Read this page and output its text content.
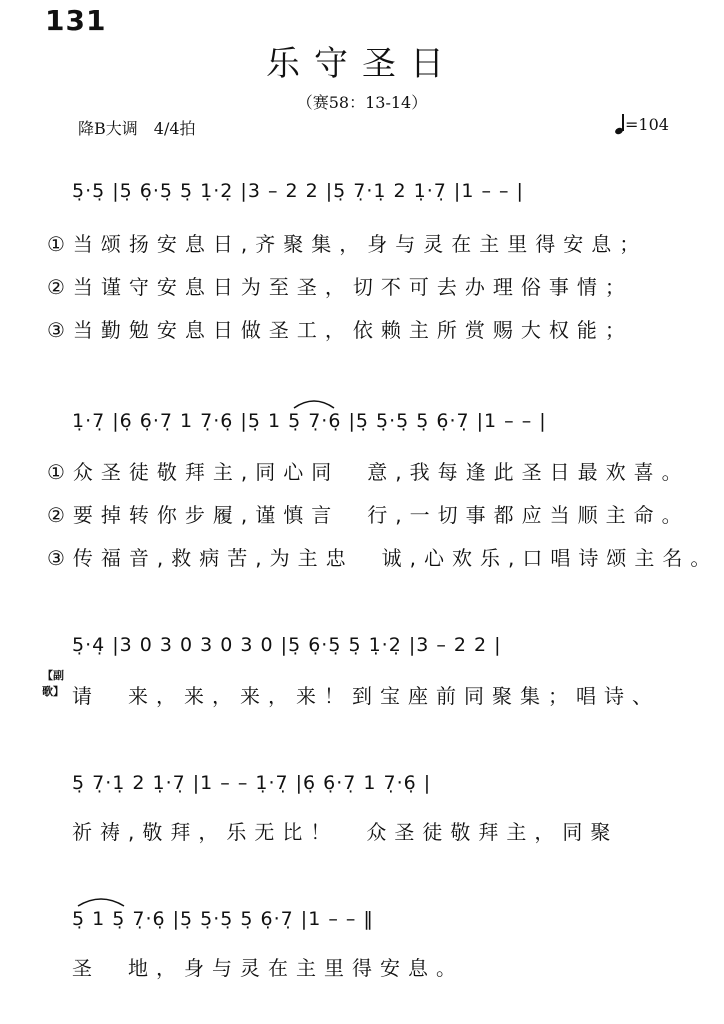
131
乐守圣日
（赛58：13-14）
降B大调　4/4拍	=104
5̣·5̣ |5̣ 6̣·5̣ 5̣ 1̣·2̣ |3 – 2 2 |5̣ 7̣·1̣ 2 1̣·7̣ |1 – – |
①当颂扬安息日,齐聚集，身与灵在主里得安息；
②当谨守安息日为至圣，切不可去办理俗事情；
③当勤勉安息日做圣工，依赖主所赏赐大权能；
1̣·7̣ |6̣ 6̣·7̣ 1 7̣·6̣ |5̣ 1 5̣ 7̣·6̣ |5̣ 5̣·5̣ 5̣ 6̣·7̣ |1 – – |
①众圣徒敬拜主,同心同　意,我每逢此圣日最欢喜。
②要掉转你步履,谨慎言　行,一切事都应当顺主命。
③传福音,救病苦,为主忠　诚,心欢乐,口唱诗颂主名。
5̣·4̣ |3 0 3 0 3 0 3 0 |5̣ 6̣·5̣ 5̣ 1̣·2̣ |3 – 2 2 |
【副歌】 请　来，来，来，来！到宝座前同聚集；唱诗、
5̣ 7̣·1̣ 2 1̣·7̣ |1 – – 1̣·7̣ |6̣ 6̣·7̣ 1 7̣·6̣ |
祈祷,敬拜，乐无比！　众圣徒敬拜主，同聚
5̣ 1 5̣ 7̣·6̣ |5̣ 5̣·5̣ 5̣ 6̣·7̣ |1 – – ‖
圣　地，身与灵在主里得安息。
